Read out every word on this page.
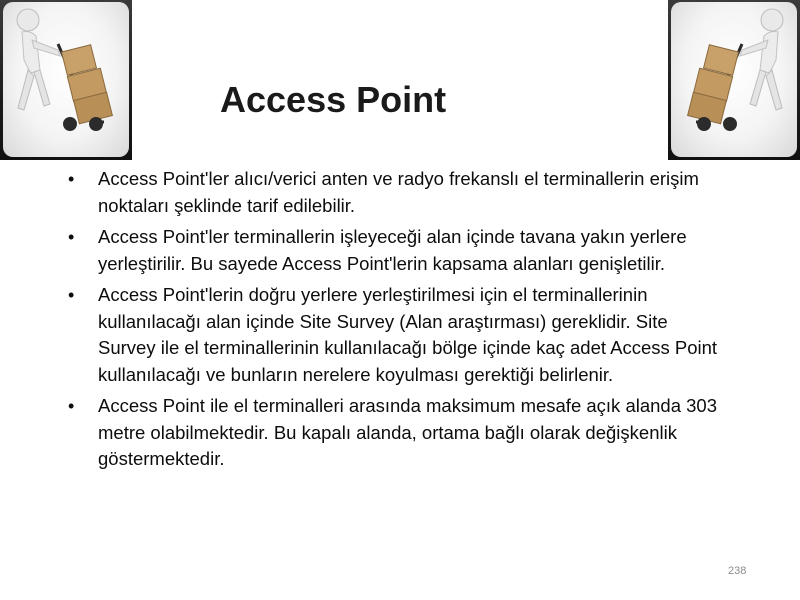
Access Point
•	Access Point'ler alıcı/verici anten ve radyo frekanslı el terminallerin erişim noktaları şeklinde tarif edilebilir.
•	Access Point'ler terminallerin işleyeceği alan içinde tavana yakın yerlere yerleştirilir. Bu sayede Access Point'lerin kapsama alanları genişletilir.
•	Access Point'lerin doğru yerlere yerleştirilmesi için el terminallerinin kullanılacağı alan içinde Site Survey (Alan araştırması) gereklidir. Site Survey ile el terminallerinin kullanılacağı bölge içinde kaç adet Access Point kullanılacağı ve bunların nerelere koyulması gerektiği belirlenir.
•	Access Point ile el terminalleri arasında maksimum mesafe açık alanda 303 metre olabilmektedir. Bu kapalı alanda, ortama bağlı olarak değişkenlik göstermektedir.
238
